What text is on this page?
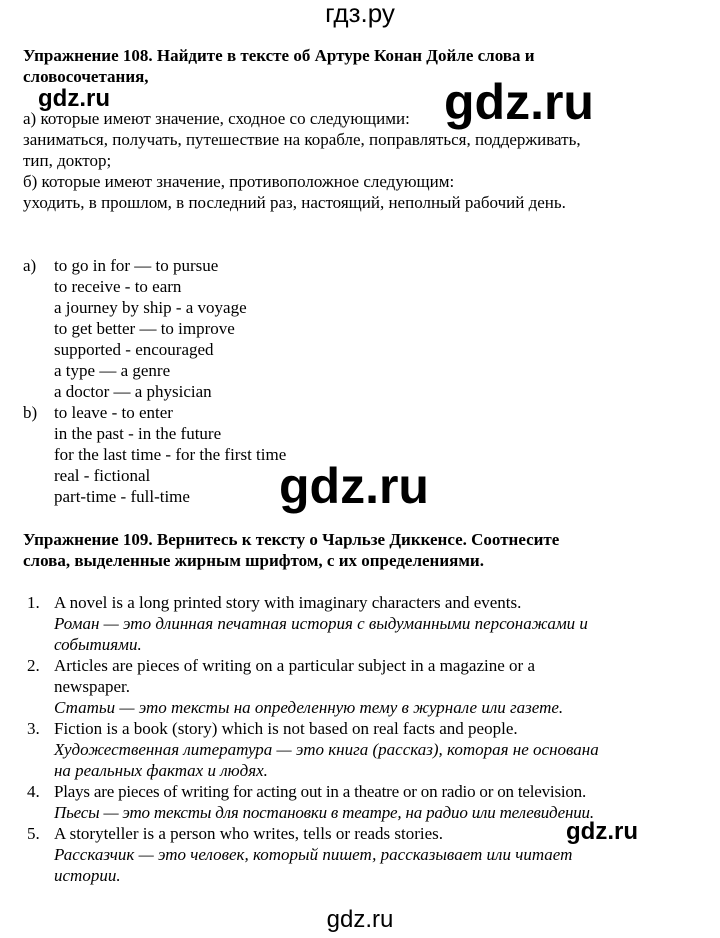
гдз.ру
Упражнение 108. Найдите в тексте об Артуре Конан Дойле слова и
словосочетания,
gdz.ru	gdz.ru
а) которые имеют значение, сходное со следующими:
заниматься, получать, путешествие на корабле, поправляться, поддерживать,
тип, доктор;
б) которые имеют значение, противоположное следующим:
уходить, в прошлом, в последний раз, настоящий, неполный рабочий день.
a) to go in for — to pursue
to receive - to earn
a journey by ship - a voyage
to get better — to improve
supported - encouraged
a type — a genre
a doctor — a physician
b) to leave - to enter
in the past - in the future
for the last time - for the first time
real - fictional
part-time - full-time gdz.ru
Упражнение 109. Вернитесь к тексту о Чарльзе Диккенсе. Соотнесите
слова, выделенные жирным шрифтом, с их определениями.
1. A novel is a long printed story with imaginary characters and events.
Роман — это длинная печатная история с выдуманными персонажами и
событиями.
2. Articles are pieces of writing on a particular subject in a magazine or a
newspaper.
Статьи — это тексты на определенную тему в журнале или газете.
3. Fiction is a book (story) which is not based on real facts and people.
Художественная литература — это книга (рассказ), которая не основана
на реальных фактах и людях.
4. Plays are pieces of writing for acting out in a theatre or on radio or on television.
Пьесы — это тексты для постановки в театре, на радио или телевидении.
5. A storyteller is a person who writes, tells or reads stories.
Рассказчик — это человек, который пишет, рассказывает или читает
истории.
gdz.ru
gdz.ru
